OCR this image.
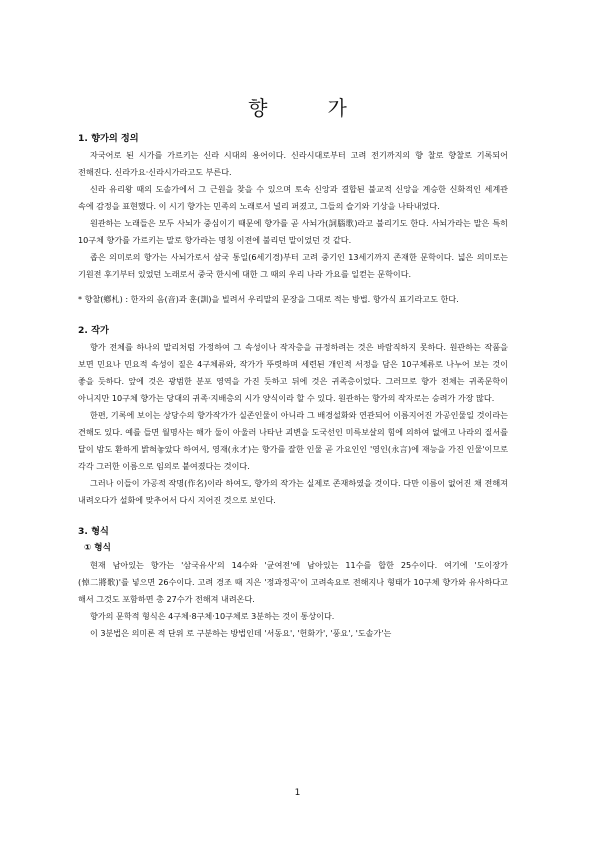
향	가
1. 향가의 정의

자국어로 된 시가를 가르키는 신라 시대의 용어이다. 신라시대로부터 고려 전기까지의 향 찰로 향찰로 기록되어 전해진다. 신라가요·신라시가라고도 부른다.

신라 유리왕 때의 도솔가에서 그 근원을 찾을 수 있으며 토속 신앙과 결합된 불교적 신앙을 계승한 신화적인 세계관 속에 감정을 표현했다. 이 시기 향가는 민족의 노래로서 널리 퍼졌고, 그들의 슬기와 기상을 나타내었다.

원관하는 노래들은 모두 사뇌가 중심이기 때문에 향가를 곧 사뇌가(詞腦歌)라고 불리기도 한다. 사뇌가라는 말은 특히 10구체 향가를 가르키는 말로 향가라는 명칭 이전에 불리던 말이었던 것 같다.

좁은 의미로의 향가는 사뇌가로서 삼국 통일(6세기경)부터 고려 중기인 13세기까지 존재한 문학이다. 넓은 의미로는 기원전 후기부터 있었던 노래로서 중국 한시에 대한 그 때의 우리 나라 가요를 일컫는 문학이다.

* 향찰(鄕札) : 한자의 음(音)과 훈(訓)을 빌려서 우리말의 문장을 그대로 적는 방법. 향가식 표기라고도 한다.

2. 작가

향가 전체를 하나의 말리처럼 가정하여 그 속성이나 작자층을 규정하려는 것은 바람직하지 못하다. 원관하는 작품을 보면 민요나 민요적 속성이 짙은 4구체류와, 작가가 뚜렷하며 세련된 개인적 서정을 담은 10구체류로 나누어 보는 것이 좋을 듯하다. 앞에 것은 광범한 분포 영역을 가진 듯하고 뒤에 것은 귀족층이었다. 그러므로 향가 전체는 귀족문학이 아니지만 10구체 향가는 당대의 귀족·지배층의 시가 양식이라 할 수 있다. 원관하는 향가의 작자로는 승려가 가장 많다.

한편, 기록에 보이는 상당수의 향가작가가 실존인물이 아니라 그 배경설화와 연관되어 이름지어진 가공인물일 것이라는 견해도 있다. 예를 들면 월명사는 해가 둘이 아울러 나타난 괴변을 도국선인 미륵보살의 힘에 의하여 없애고 나라의 질서를 달이 밤도 환하게 밝혀놓았다 하여서, 영재(永才)는 향가를 잘한 인물 곧 가요인인 '영인(永言)에 재능을 가진 인물'이므로 각각 그러한 이름으로 임의로 붙여졌다는 것이다.

그러나 이들이 가공적 작명(作名)이라 하여도, 향가의 작가는 실제로 존재하였을 것이다. 다만 이름이 없어진 채 전해져 내려오다가 설화에 맞추어서 다시 지어진 것으로 보인다.

3. 형식
① 형식

현재 남아있는 향가는 '삼국유사'의 14수와 '균여전'에 남아있는 11수를 합한 25수이다. 여기에 '도이장가(悼二將歌)'를 넣으면 26수이다. 고려 경조 때 지은 '정과정곡'이 고려속요로 전해지나 형태가 10구체 향가와 유사하다고 해서 그것도 포함하면 총 27수가 전해져 내려온다.

향가의 문학적 형식은 4구체·8구체·10구체로 3분하는 것이 통상이다.

이 3분법은 의미론 적 단위 로 구분하는 방법인데 '서동요', '헌화가', '풍요', '도솔가'는

1
